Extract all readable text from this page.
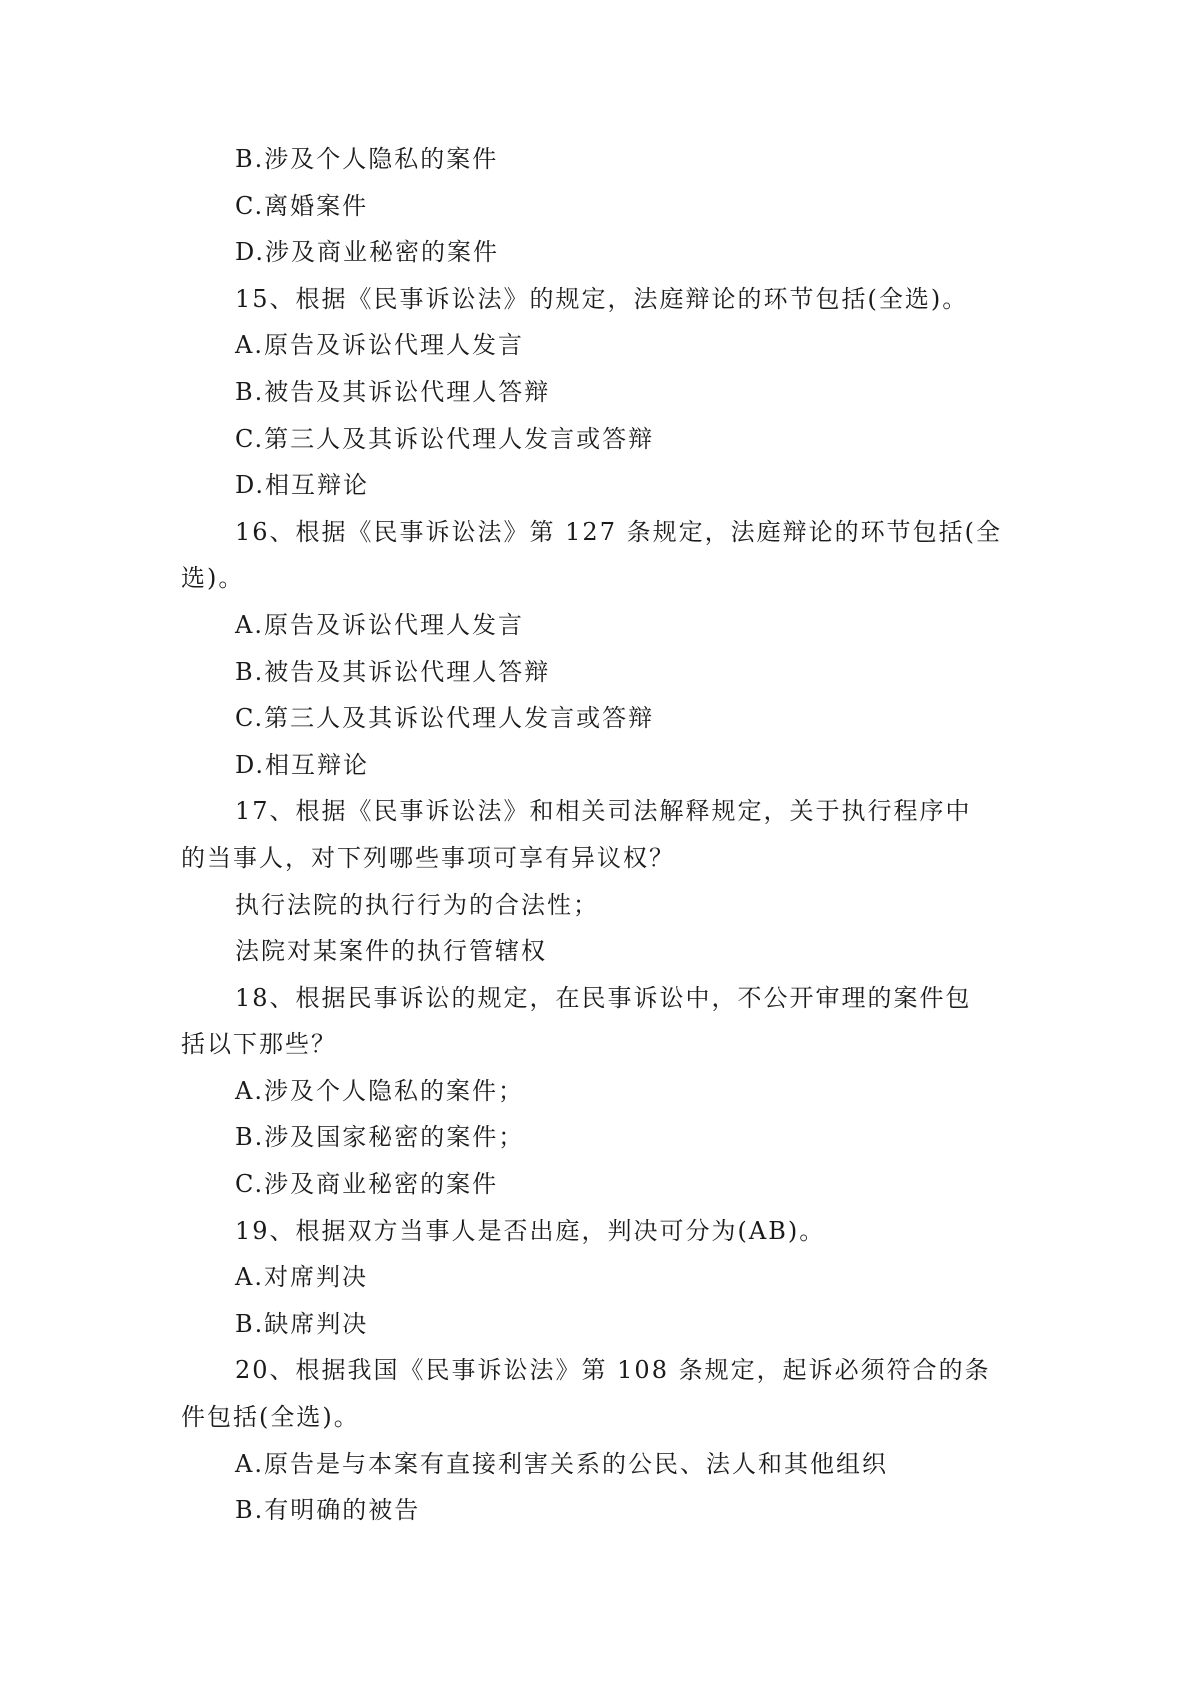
B.涉及个人隐私的案件
C.离婚案件
D.涉及商业秘密的案件
15、根据《民事诉讼法》的规定，法庭辩论的环节包括(全选)。
A.原告及诉讼代理人发言
B.被告及其诉讼代理人答辩
C.第三人及其诉讼代理人发言或答辩
D.相互辩论
16、根据《民事诉讼法》第 127 条规定，法庭辩论的环节包括(全
选)。
A.原告及诉讼代理人发言
B.被告及其诉讼代理人答辩
C.第三人及其诉讼代理人发言或答辩
D.相互辩论
17、根据《民事诉讼法》和相关司法解释规定，关于执行程序中
的当事人，对下列哪些事项可享有异议权？
执行法院的执行行为的合法性；
法院对某案件的执行管辖权
18、根据民事诉讼的规定，在民事诉讼中，不公开审理的案件包
括以下那些？
A.涉及个人隐私的案件；
B.涉及国家秘密的案件；
C.涉及商业秘密的案件
19、根据双方当事人是否出庭，判决可分为(AB)。
A.对席判决
B.缺席判决
20、根据我国《民事诉讼法》第 108 条规定，起诉必须符合的条
件包括(全选)。
A.原告是与本案有直接利害关系的公民、法人和其他组织
B.有明确的被告
